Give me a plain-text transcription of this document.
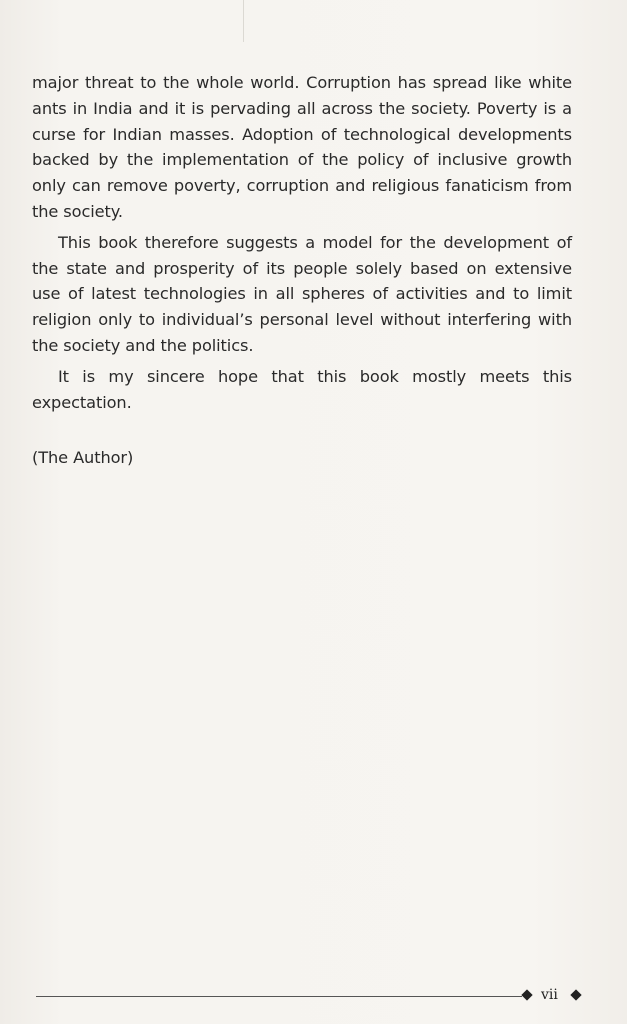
major threat to the whole world. Corruption has spread like white ants in India and it is pervading all across the society. Poverty is a curse for Indian masses. Adoption of technological developments backed by the implementation of the policy of inclusive growth only can remove poverty, corruption and religious fanaticism from the society.

This book therefore suggests a model for the development of the state and prosperity of its people solely based on extensive use of latest technologies in all spheres of activities and to limit religion only to individual’s personal level without interfering with the society and the politics.

It is my sincere hope that this book mostly meets this expectation.

(The Author)

vii
